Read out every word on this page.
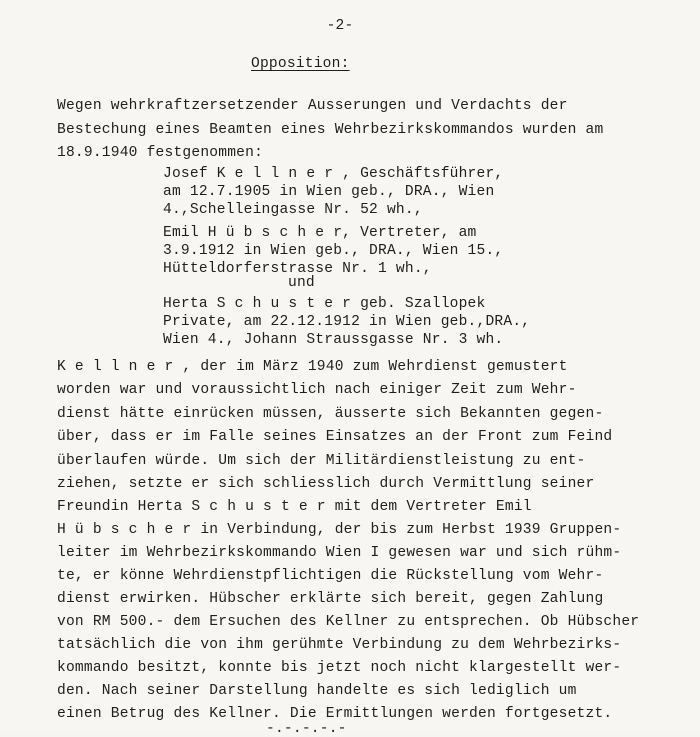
-2-
Opposition:
Wegen wehrkraftzersetzender Ausserungen und Verdachts der
Bestechung eines Beamten eines Wehrbezirkskommandos wurden am
18.9.1940 festgenommen:
Josef K e l l n e r , Geschäftsführer,
am 12.7.1905 in Wien geb., DRA., Wien
4.,Schelleingasse Nr. 52 wh.,
Emil H ü b s c h e r, Vertreter, am
3.9.1912 in Wien geb., DRA., Wien 15.,
Hütteldorferstrasse Nr. 1 wh.,
und
Herta S c h u s t e r geb. Szallopek
Private, am 22.12.1912 in Wien geb.,DRA.,
Wien 4., Johann Straussgasse Nr. 3 wh.
K e l l n e r , der im März 1940 zum Wehrdienst gemustert
worden war und voraussichtlich nach einiger Zeit zum Wehr-
dienst hätte einrücken müssen, äusserte sich Bekannten gegen-
über, dass er im Falle seines Einsatzes an der Front zum Feind
überlaufen würde. Um sich der Militärdienstleistung zu ent-
ziehen, setzte er sich schliesslich durch Vermittlung seiner
Freundin Herta S c h u s t e r mit dem Vertreter Emil
H ü b s c h e r in Verbindung, der bis zum Herbst 1939 Gruppen-
leiter im Wehrbezirkskommando Wien I gewesen war und sich rühm-
te, er könne Wehrdienstpflichtigen die Rückstellung vom Wehr-
dienst erwirken. Hübscher erklärte sich bereit, gegen Zahlung
von RM 500.- dem Ersuchen des Kellner zu entsprechen. Ob Hübscher
tatsächlich die von ihm gerühmte Verbindung zu dem Wehrbezirks-
kommando besitzt, konnte bis jetzt noch nicht klargestellt wer-
den. Nach seiner Darstellung handelte es sich lediglich um
einen Betrug des Kellner. Die Ermittlungen werden fortgesetzt.
-.-.-.-.-
